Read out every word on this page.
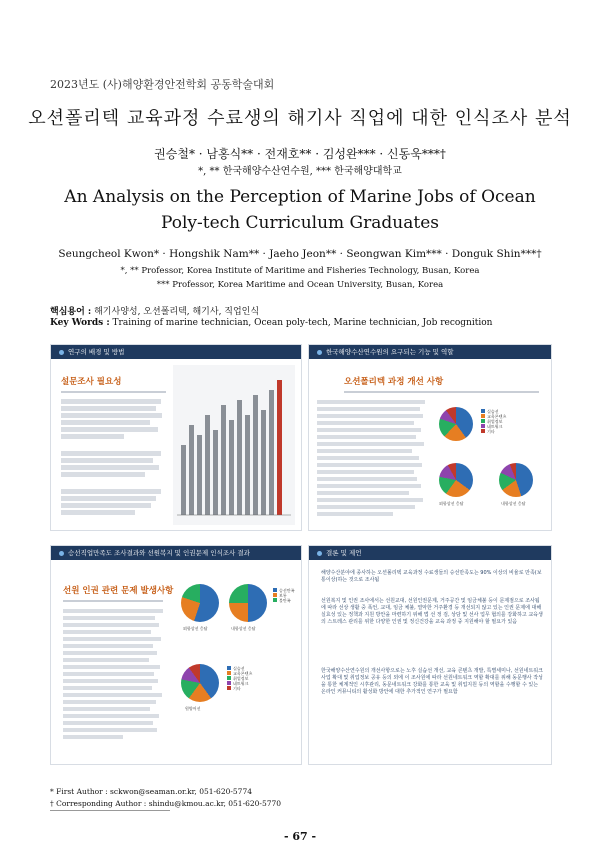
2023년도 (사)해양환경안전학회 공동학술대회
오션폴리텍 교육과정 수료생의 해기사 직업에 대한 인식조사 분석
권승철* · 남홍식** · 전재호** · 김성완*** · 신동욱***†
*, ** 한국해양수산연수원, *** 한국해양대학교
An Analysis on the Perception of Marine Jobs of Ocean Poly-tech Curriculum Graduates
Seungcheol Kwon* · Hongshik Nam** · Jaeho Jeon** · Seongwan Kim*** · Donguk Shin***†
*, ** Professor, Korea Institute of Maritime and Fisheries Technology, Busan, Korea
*** Professor, Korea Maritime and Ocean University, Busan, Korea
핵심용어 : 해기사양성, 오션폴리텍, 해기사, 직업인식
Key Words : Training of marine technician, Ocean poly-tech, Marine technician, Job recognition
연구의 배경 및 방법
설문조사 필요성
한국해양수산연수원의 요구되는 기능 및 역할
오션폴리텍 과정 개선 사항
실습선
교육콘텐츠
취업정보
네트워크
기타
외항상선 응답	내항상선 응답
승선직업만족도 조사결과와 선원복지 및 인권문제 인식조사 결과
선원 인권 관련 문제 발생사항
외항상선 응답	내항상선 응답
승선만족
보통
불만족
실습선
교육콘텐츠
취업정보
네트워크
기타
원양어선
결론 및 제언
해양수산분야에 종사하는 오션폴리텍 교육과정 수료생들의 승선만족도는 90% 이상의 비율로 만족(보통이상)하는 것으로 조사됨
선원복지 및 인권 조사에서는 선원교대, 선원인권문제, 거주공간 및 임금체불 등이 문제점으로 조사됨에 따라 선상 생활 중 폭언, 교대, 임금 체불, 열악한 거주환경 등 개선되지 않고 있는 인권 문제에 대해 실효성 있는 정책과 지원 방안을 마련하기 위해 법 선 정 검, 상담 및 선사 업무 협의를 강화하고 교육생의 스트레스 관리를 위한 다양한 인권 및 정신건강을 교육 과정 중 지원해야 할 필요가 있음
한국해양수산연수원의 개선사항으로는 노후 실습선 개선, 교육 콘텐츠 개발, 특별세미나, 선원네트워크 사업 확대 및 취업정보 공유 등의 외에 이 조사원에 따라 선원네트워크 역할 확대를 위해 동문행사 작성을 통한 체계적인 시후관리, 동문네트워크 강화를 통한 교육 및 취업지원 등의 역할을 수행할 수 있는 온라인 커뮤니티의 활성화 방안에 대한 추가적인 연구가 필요함
* First Author : sckwon@seaman.or.kr, 051-620-5774
† Corresponding Author : shindu@kmou.ac.kr, 051-620-5770
- 67 -
